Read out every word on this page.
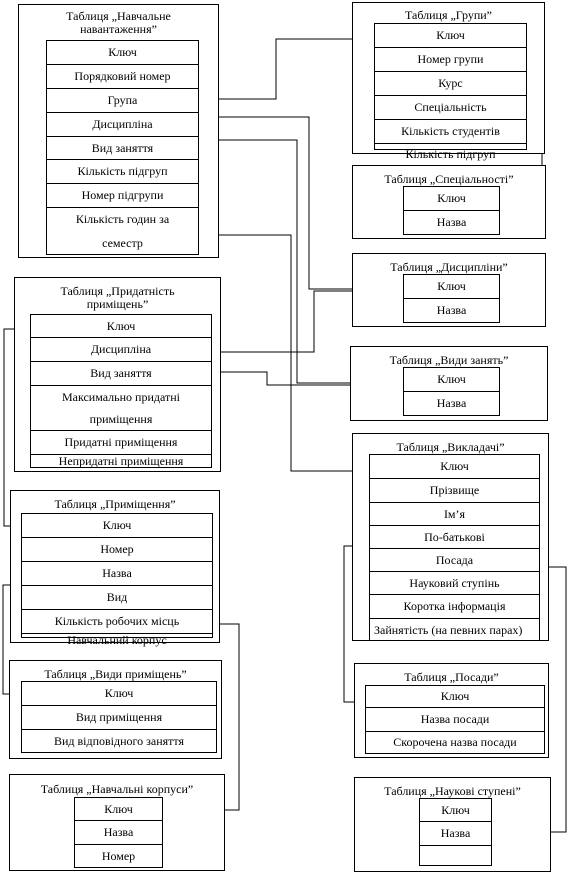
Таблиця „Навчальне навантаження”
Ключ
Порядковий номер
Група
Дисципліна
Вид заняття
Кількість підгруп
Номер підгрупи
Кількість годин за семестр
Таблиця „Групи”
Ключ
Номер групи
Курс
Спеціальність
Кількість студентів
Кількість підгруп
Таблиця „Спеціальності”
Ключ
Назва
Таблиця „Дисципліни”
Ключ
Назва
Таблиця „Види занять”
Ключ
Назва
Таблиця „Придатність приміщень”
Ключ
Дисципліна
Вид заняття
Максимально придатні приміщення
Придатні приміщення
Непридатні приміщення
Таблиця „Викладачі”
Ключ
Прізвище
Ім’я
По-батькові
Посада
Науковий ступінь
Коротка інформація
Зайнятість (на певних парах)
Таблиця „Приміщення”
Ключ
Номер
Назва
Вид
Кількість робочих місць
Навчальний корпус
Таблиця „Посади”
Ключ
Назва посади
Скорочена назва посади
Таблиця „Види приміщень”
Ключ
Вид приміщення
Вид відповідного заняття
Таблиця „Навчальні корпуси”
Ключ
Назва
Номер
Таблиця „Наукові ступені”
Ключ
Назва
